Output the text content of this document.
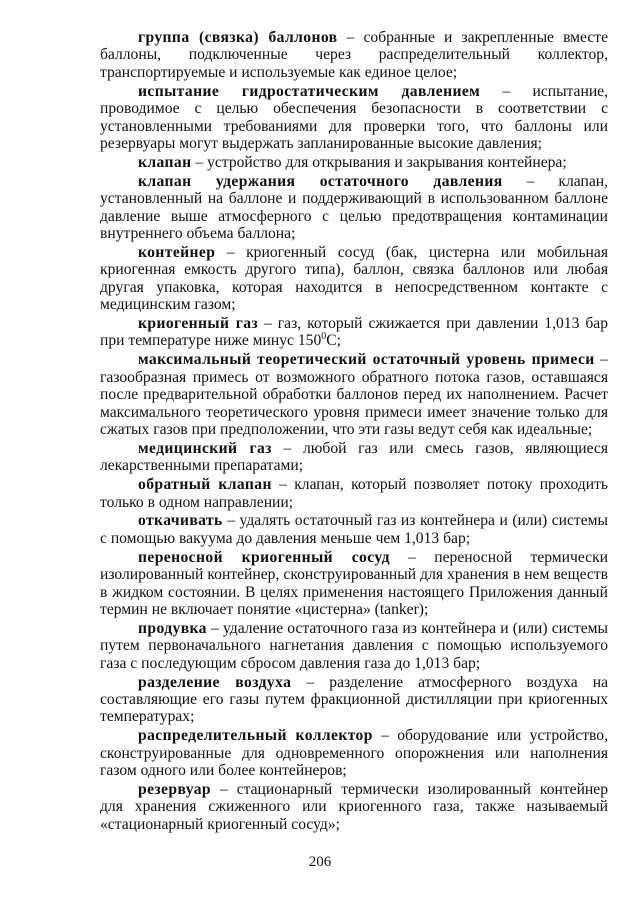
группа (связка) баллонов – собранные и закрепленные вместе баллоны, подключенные через распределительный коллектор, транспортируемые и используемые как единое целое;

испытание гидростатическим давлением – испытание, проводимое с целью обеспечения безопасности в соответствии с установленными требованиями для проверки того, что баллоны или резервуары могут выдержать запланированные высокие давления;

клапан – устройство для открывания и закрывания контейнера;

клапан удержания остаточного давления – клапан, установленный на баллоне и поддерживающий в использованном баллоне давление выше атмосферного с целью предотвращения контаминации внутреннего объема баллона;

контейнер – криогенный сосуд (бак, цистерна или мобильная криогенная емкость другого типа), баллон, связка баллонов или любая другая упаковка, которая находится в непосредственном контакте с медицинским газом;

криогенный газ – газ, который сжижается при давлении 1,013 бар при температуре ниже минус $150^0С$;

максимальный теоретический остаточный уровень примеси – газообразная примесь от возможного обратного потока газов, оставшаяся после предварительной обработки баллонов перед их наполнением. Расчет максимального теоретического уровня примеси имеет значение только для сжатых газов при предположении, что эти газы ведут себя как идеальные;

медицинский газ – любой газ или смесь газов, являющиеся лекарственными препаратами;

обратный клапан – клапан, который позволяет потоку проходить только в одном направлении;

откачивать – удалять остаточный газ из контейнера и (или) системы с помощью вакуума до давления меньше чем 1,013 бар;

переносной криогенный сосуд – переносной термически изолированный контейнер, сконструированный для хранения в нем веществ в жидком состоянии. В целях применения настоящего Приложения данный термин не включает понятие «цистерна» (tanker);

продувка – удаление остаточного газа из контейнера и (или) системы путем первоначального нагнетания давления с помощью используемого газа с последующим сбросом давления газа до 1,013 бар;

разделение воздуха – разделение атмосферного воздуха на составляющие его газы путем фракционной дистилляции при криогенных температурах;

распределительный коллектор – оборудование или устройство, сконструированные для одновременного опорожнения или наполнения газом одного или более контейнеров;

резервуар – стационарный термически изолированный контейнер для хранения сжиженного или криогенного газа, также называемый «стационарный криогенный сосуд»;

206
